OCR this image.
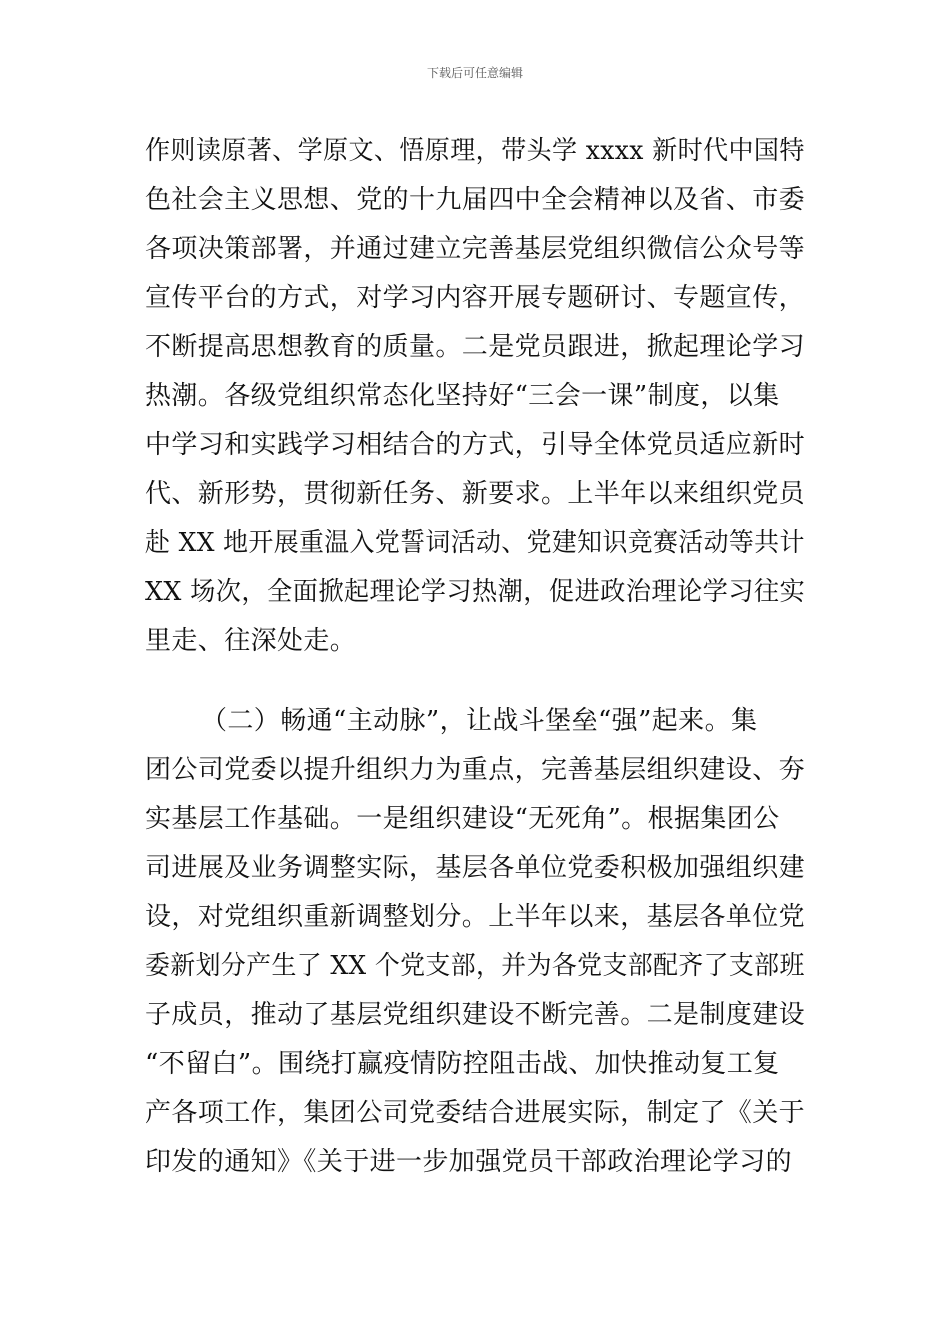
下载后可任意编辑
作则读原著、学原文、悟原理，带头学 xxxx 新时代中国特
色社会主义思想、党的十九届四中全会精神以及省、市委
各项决策部署，并通过建立完善基层党组织微信公众号等
宣传平台的方式，对学习内容开展专题研讨、专题宣传，
不断提高思想教育的质量。二是党员跟进，掀起理论学习
热潮。各级党组织常态化坚持好“三会一课”制度，以集
中学习和实践学习相结合的方式，引导全体党员适应新时
代、新形势，贯彻新任务、新要求。上半年以来组织党员
赴 XX 地开展重温入党誓词活动、党建知识竞赛活动等共计
XX 场次，全面掀起理论学习热潮，促进政治理论学习往实
里走、往深处走。
（二）畅通“主动脉”，让战斗堡垒“强”起来。集
团公司党委以提升组织力为重点，完善基层组织建设、夯
实基层工作基础。一是组织建设“无死角”。根据集团公
司进展及业务调整实际，基层各单位党委积极加强组织建
设，对党组织重新调整划分。上半年以来，基层各单位党
委新划分产生了 XX 个党支部，并为各党支部配齐了支部班
子成员，推动了基层党组织建设不断完善。二是制度建设
“不留白”。围绕打赢疫情防控阻击战、加快推动复工复
产各项工作，集团公司党委结合进展实际，制定了《关于
印发的通知》《关于进一步加强党员干部政治理论学习的
